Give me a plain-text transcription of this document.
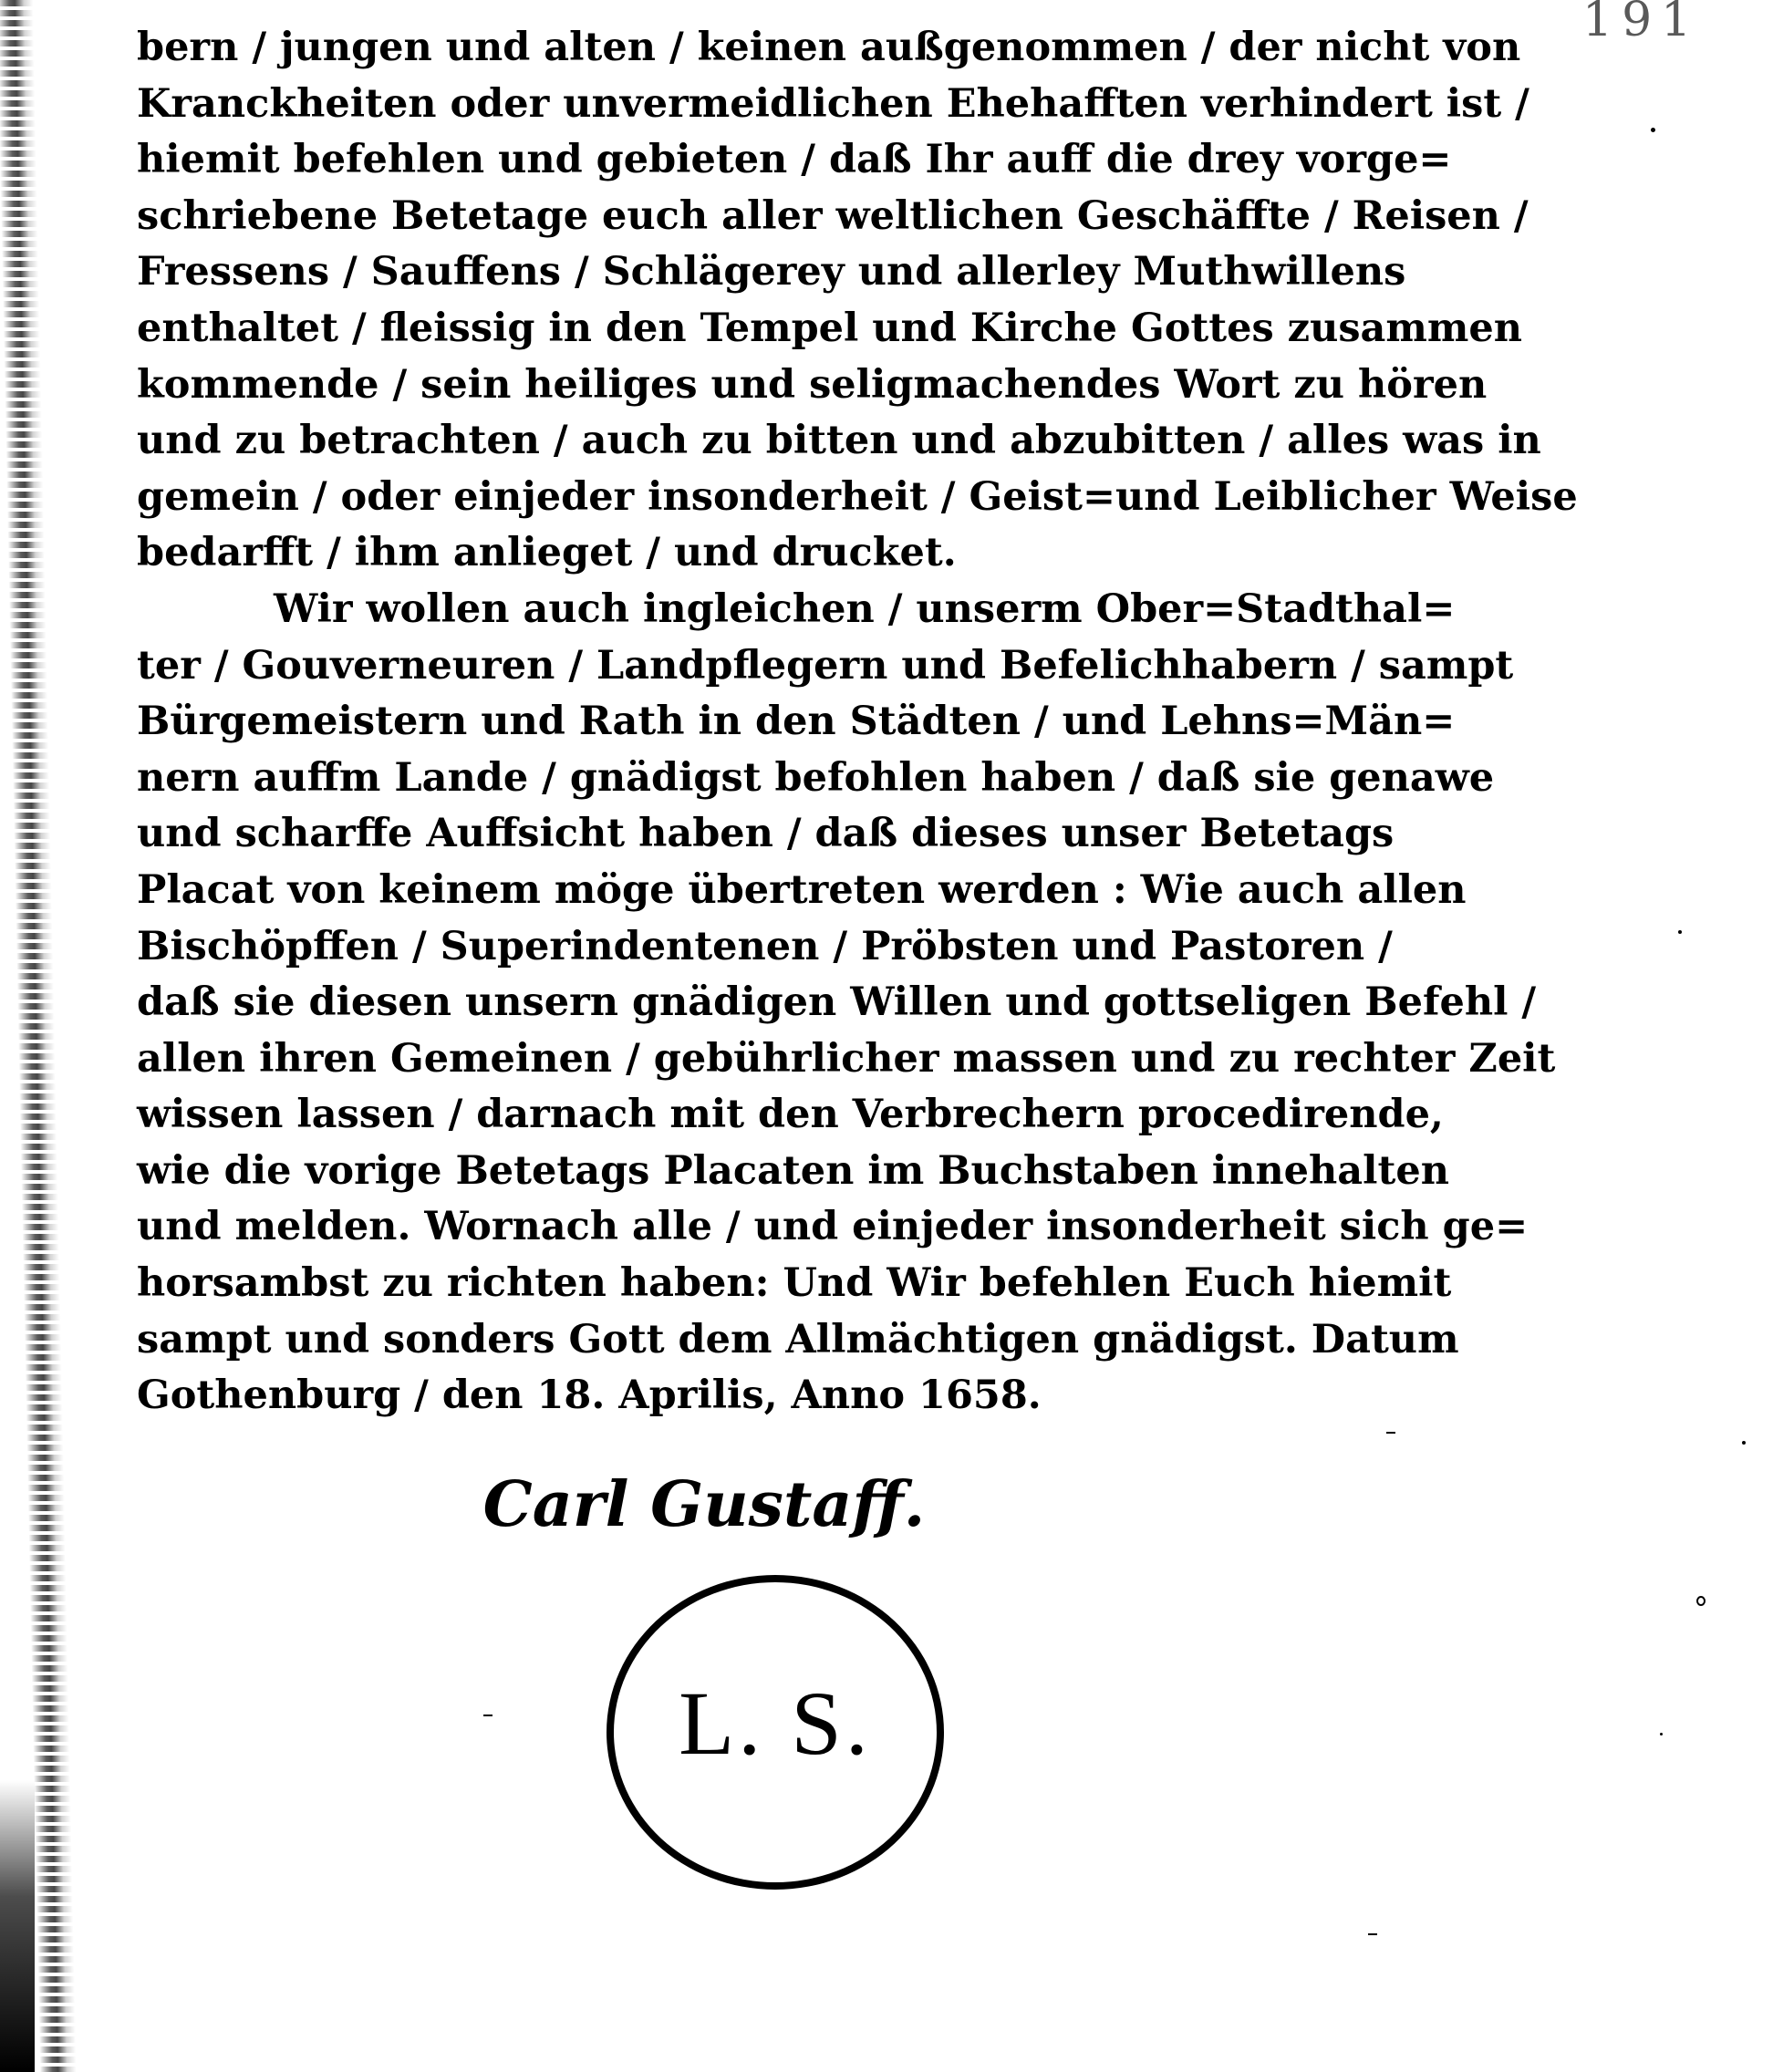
191
bern / jungen und alten / keinen außgenommen / der nicht von
Kranckheiten oder unvermeidlichen Ehehafften verhindert ist /
hiemit befehlen und gebieten / daß Ihr auff die drey vorge=
schriebene Betetage euch aller weltlichen Geschäffte / Reisen /
Fressens / Sauffens / Schlägerey und allerley Muthwillens
enthaltet / fleissig in den Tempel und Kirche Gottes zusammen
kommende / sein heiliges und seligmachendes Wort zu hören
und zu betrachten / auch zu bitten und abzubitten / alles was in
gemein / oder einjeder insonderheit / Geist=und Leiblicher Weise
bedarfft / ihm anlieget / und drucket.
Wir wollen auch ingleichen / unserm Ober=Stadthal=
ter / Gouverneuren / Landpflegern und Befelichhabern / sampt
Bürgemeistern und Rath in den Städten / und Lehns=Män=
nern auffm Lande / gnädigst befohlen haben / daß sie genawe
und scharffe Auffsicht haben / daß dieses unser Betetags
Placat von keinem möge übertreten werden : Wie auch allen
Bischöpffen / Superindentenen / Pröbsten und Pastoren /
daß sie diesen unsern gnädigen Willen und gottseligen Befehl /
allen ihren Gemeinen / gebührlicher massen und zu rechter Zeit
wissen lassen / darnach mit den Verbrechern procedirende,
wie die vorige Betetags Placaten im Buchstaben innehalten
und melden. Wornach alle / und einjeder insonderheit sich ge=
horsambst zu richten haben: Und Wir befehlen Euch hiemit
sampt und sonders Gott dem Allmächtigen gnädigst. Datum
Gothenburg / den 18. Aprilis, Anno 1658.
Carl Gustaff.
L. S.
